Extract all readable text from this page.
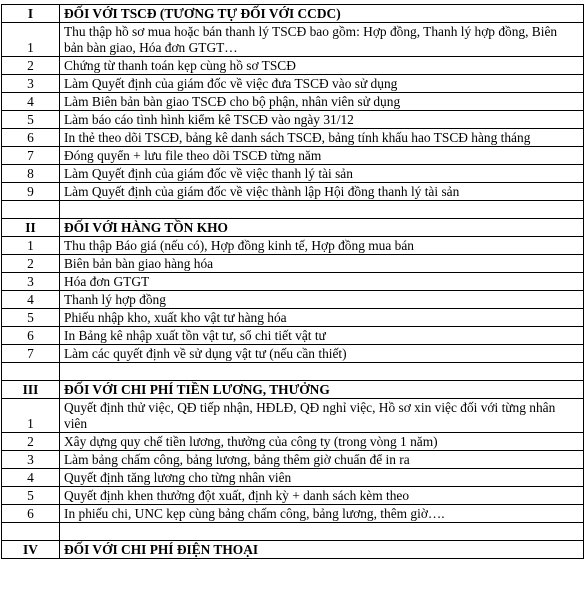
I	ĐỐI VỚI TSCĐ (TƯƠNG TỰ ĐỐI VỚI CCDC)
1	Thu thập hồ sơ mua hoặc bán thanh lý TSCĐ bao gồm: Hợp đồng, Thanh lý hợp đồng, Biên bản bàn giao, Hóa đơn GTGT…
2	Chứng từ thanh toán kẹp cùng hồ sơ TSCĐ
3	Làm Quyết định của giám đốc về việc đưa TSCĐ vào sử dụng
4	Làm Biên bản bàn giao TSCĐ cho bộ phận, nhân viên sử dụng
5	Làm báo cáo tình hình kiểm kê TSCĐ vào ngày 31/12
6	In thẻ theo dõi TSCĐ, bảng kê danh sách TSCĐ, bảng tính khấu hao TSCĐ hàng tháng
7	Đóng quyển + lưu file theo dõi TSCĐ từng năm
8	Làm Quyết định của giám đốc về việc thanh lý tài sản
9	Làm Quyết định của giám đốc về việc thành lập Hội đồng thanh lý tài sản

II	ĐỐI VỚI HÀNG TỒN KHO
1	Thu thập Báo giá (nếu có), Hợp đồng kinh tế, Hợp đồng mua bán
2	Biên bản bàn giao hàng hóa
3	Hóa đơn GTGT
4	Thanh lý hợp đồng
5	Phiếu nhập kho, xuất kho vật tư hàng hóa
6	In Bảng kê nhập xuất tồn vật tư, sổ chi tiết vật tư
7	Làm các quyết định về sử dụng vật tư (nếu cần thiết)

III	ĐỐI VỚI CHI PHÍ TIỀN LƯƠNG, THƯỞNG
1	Quyết định thử việc, QĐ tiếp nhận, HĐLĐ, QĐ nghỉ việc, Hồ sơ xin việc đối với từng nhân viên
2	Xây dựng quy chế tiền lương, thưởng của công ty (trong vòng 1 năm)
3	Làm bảng chấm công, bảng lương, bảng thêm giờ chuẩn để in ra
4	Quyết định tăng lương cho từng nhân viên
5	Quyết định khen thưởng đột xuất, định kỳ + danh sách kèm theo
6	In phiếu chi, UNC kẹp cùng bảng chấm công, bảng lương, thêm giờ….

IV	ĐỐI VỚI CHI PHÍ ĐIỆN THOẠI
